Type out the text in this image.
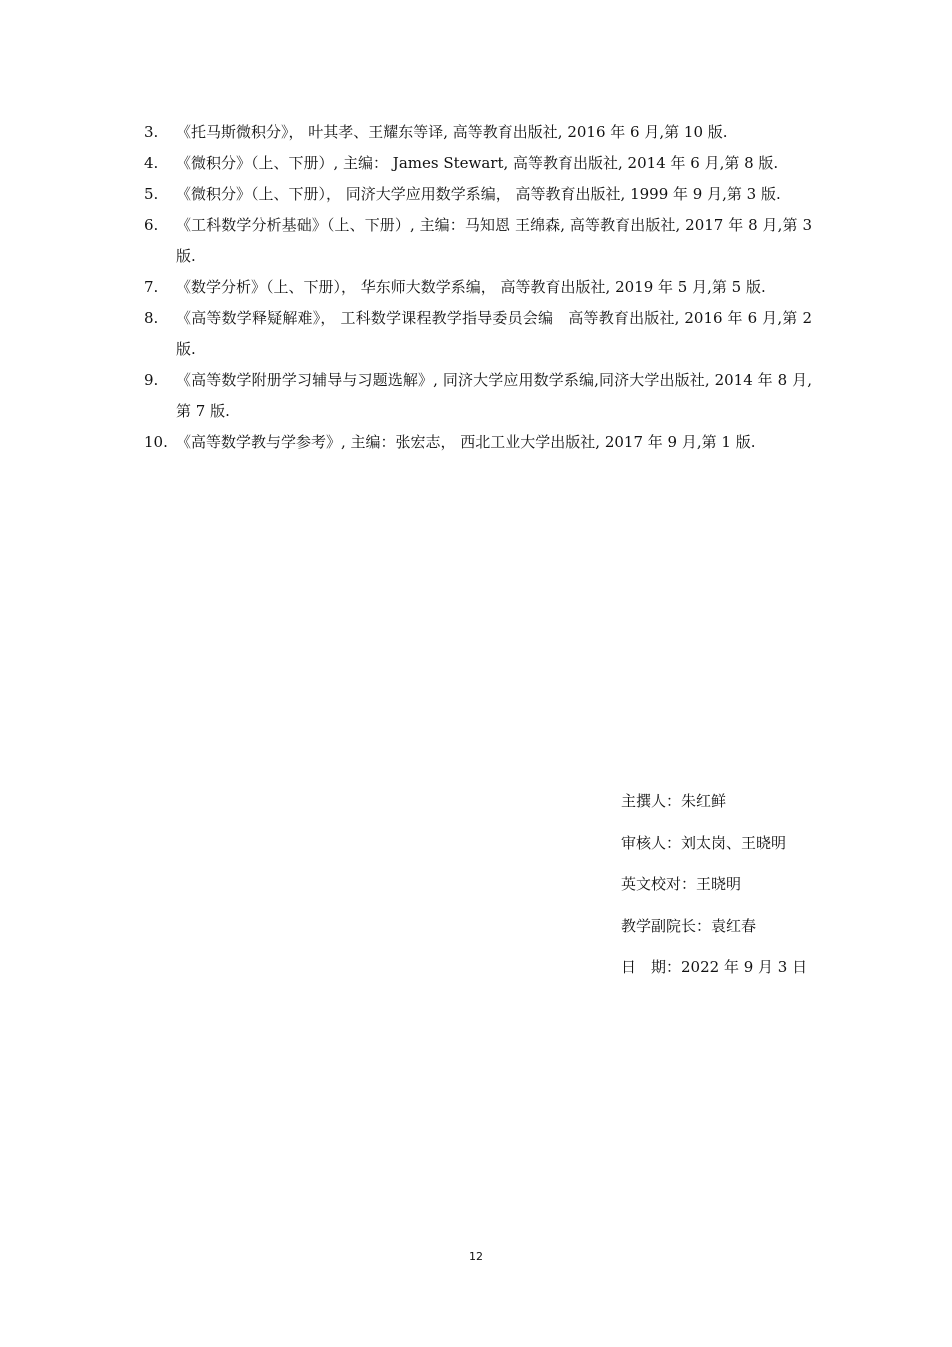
3. 《托马斯微积分》， 叶其孝、王耀东等译, 高等教育出版社, 2016 年 6 月,第 10 版.
4. 《微积分》（上、下册）, 主编： James Stewart, 高等教育出版社, 2014 年 6 月,第 8 版.
5. 《微积分》（上、下册）， 同济大学应用数学系编， 高等教育出版社, 1999 年 9 月,第 3 版.
6. 《工科数学分析基础》（上、下册）, 主编：马知恩 王绵森, 高等教育出版社, 2017 年 8 月,第 3 版.
7. 《数学分析》（上、下册）， 华东师大数学系编， 高等教育出版社, 2019 年 5 月,第 5 版.
8. 《高等数学释疑解难》， 工科数学课程教学指导委员会编　高等教育出版社, 2016 年 6 月,第 2 版.
9. 《高等数学附册学习辅导与习题选解》, 同济大学应用数学系编,同济大学出版社, 2014 年 8 月,第 7 版.
10. 《高等数学教与学参考》, 主编：张宏志， 西北工业大学出版社, 2017 年 9 月,第 1 版.
主撰人：朱红鲜
审核人：刘太岗、王晓明
英文校对：王晓明
教学副院长：袁红春
日　期：2022 年 9 月 3 日
12
